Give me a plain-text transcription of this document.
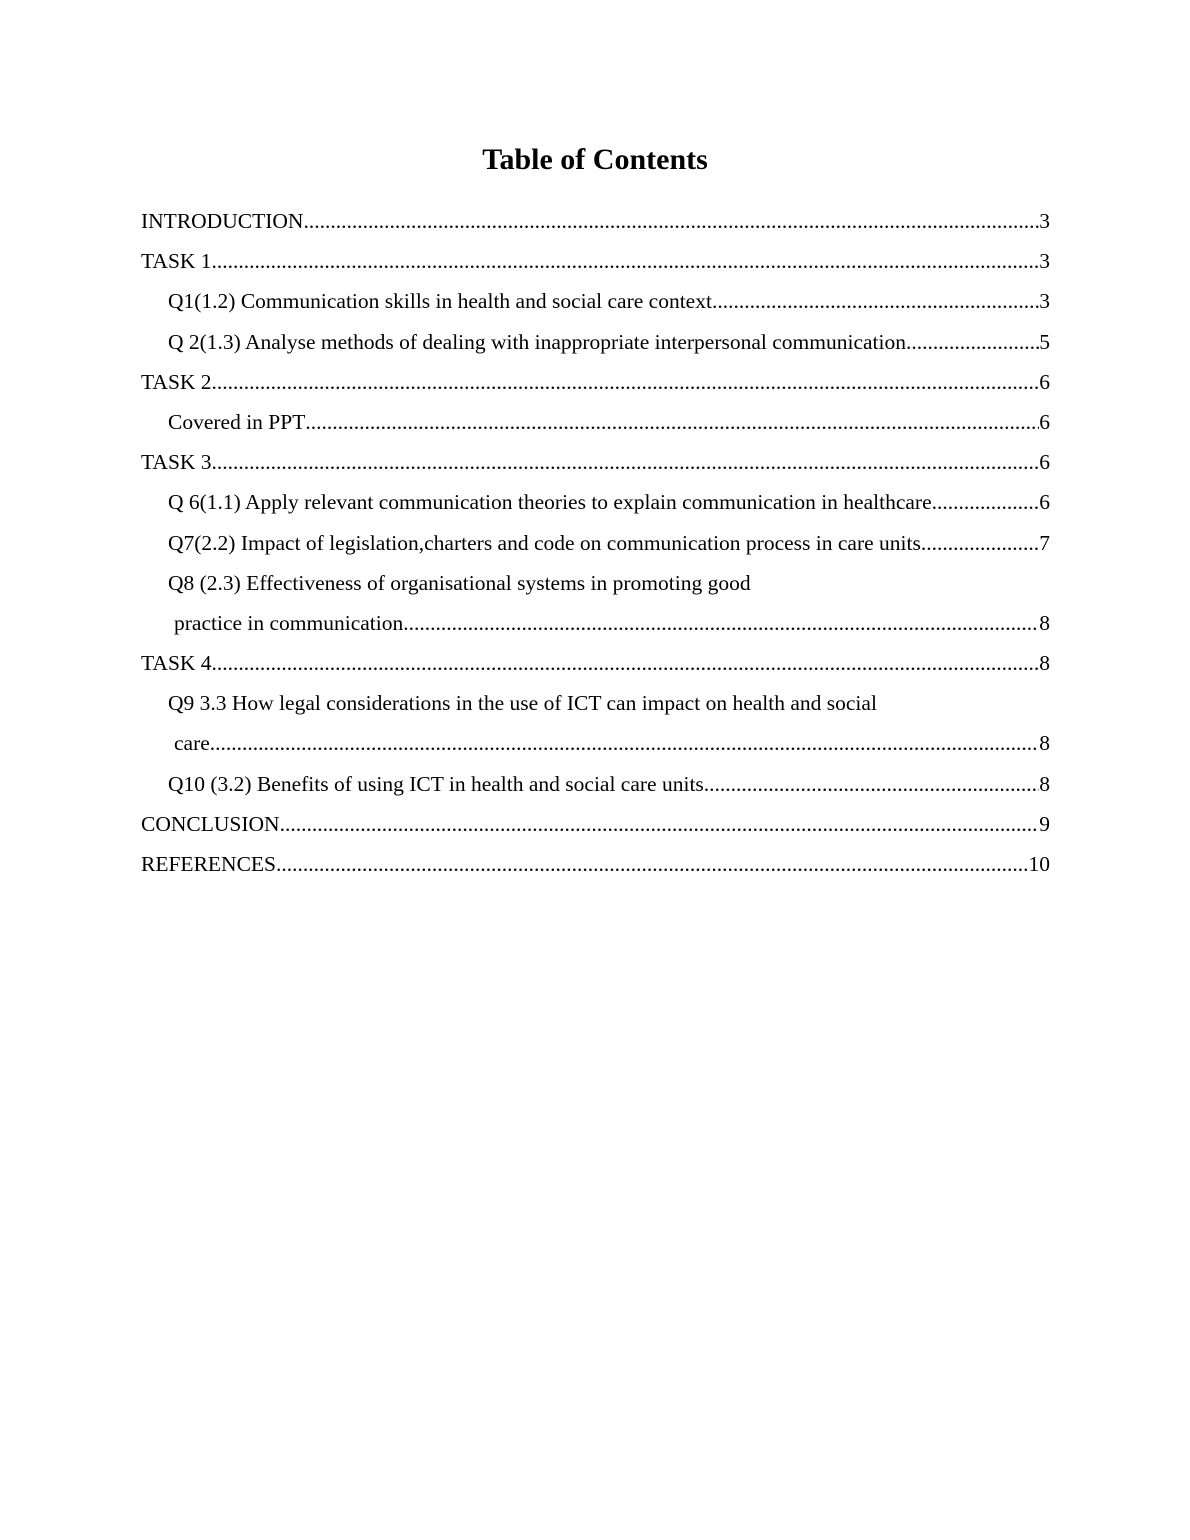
Table of Contents
INTRODUCTION .....	3
TASK 1 .....	3
Q1(1.2) Communication skills in health and social care context .....	3
Q 2(1.3) Analyse methods of dealing with inappropriate interpersonal communication .....	5
TASK 2 .....	6
Covered in PPT .....	6
TASK 3 .....	6
Q 6(1.1) Apply relevant communication theories to explain communication in healthcare. .....	6
Q7(2.2) Impact of legislation,charters and code on communication process in care units. .....	7
Q8 (2.3) Effectiveness of organisational systems in promoting good
practice in communication .....	8
TASK 4 .....	8
Q9 3.3 How legal considerations in the use of ICT can impact on health and social
care .....	8
Q10 (3.2) Benefits of using ICT in health and social care units .....	8
CONCLUSION .....	9
REFERENCES .....	10
